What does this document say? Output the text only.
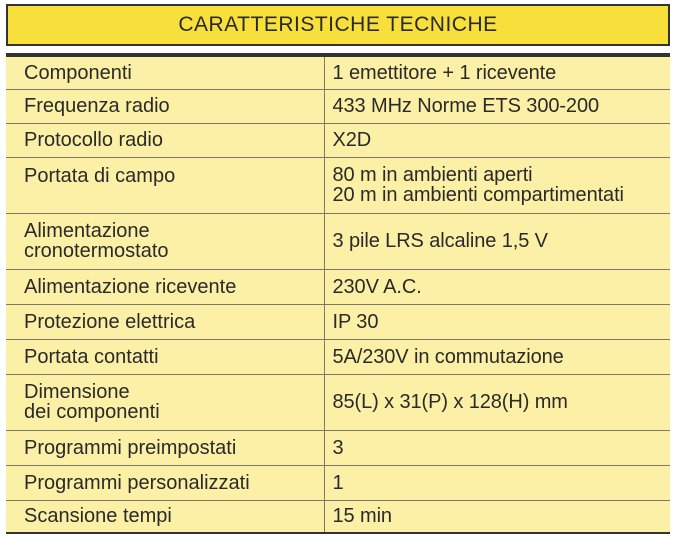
CARATTERISTICHE TECNICHE
Componenti	1 emettitore + 1 ricevente
Frequenza radio	433 MHz Norme ETS 300-200
Protocollo radio	X2D
Portata di campo	80 m in ambienti aperti
20 m in ambienti compartimentati
Alimentazione
cronotermostato	3 pile LRS alcaline 1,5 V
Alimentazione ricevente	230V A.C.
Protezione elettrica	IP 30
Portata contatti	5A/230V in commutazione
Dimensione
dei componenti	85(L) x 31(P) x 128(H) mm
Programmi preimpostati	3
Programmi personalizzati	1
Scansione tempi	15 min
